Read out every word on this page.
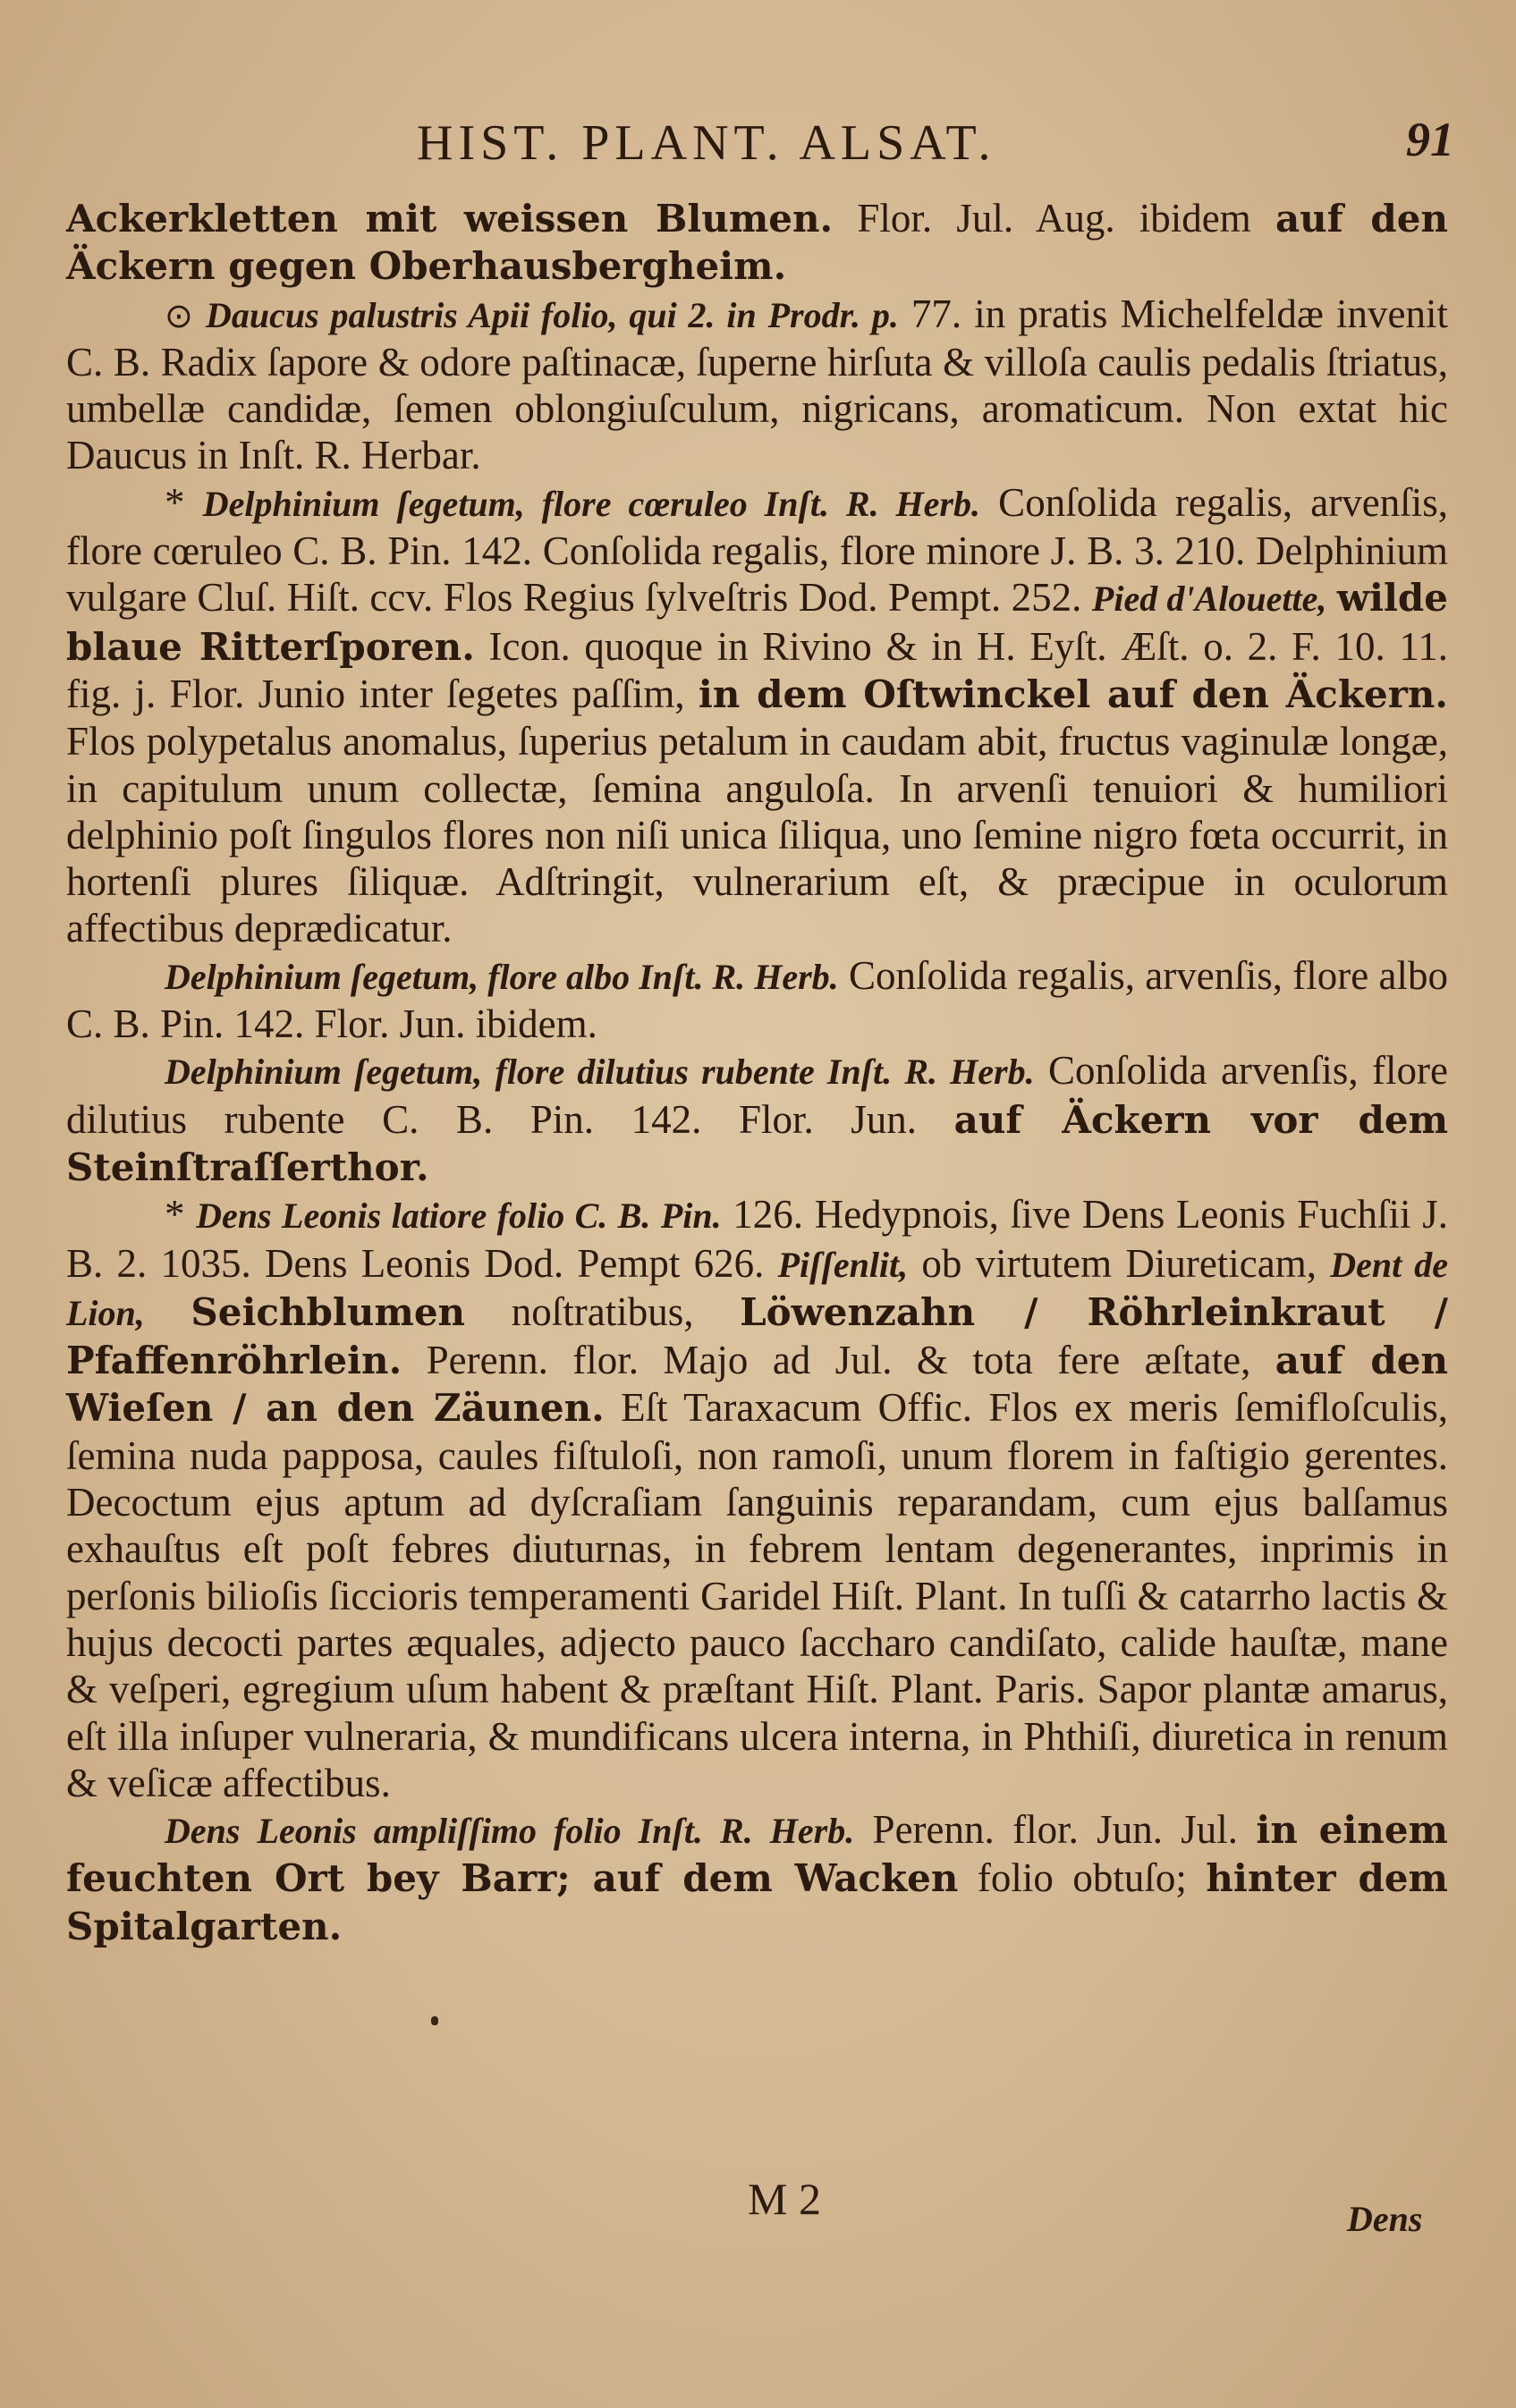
HIST. PLANT. ALSAT.	91

Ackerkletten mit weissen Blumen. Flor. Jul. Aug. ibidem auf den Äckern gegen Oberhausbergheim.

⊙ Daucus palustris Apii folio, qui 2. in Prodr. p. 77. in pratis Michelfeldæ invenit C. B. Radix ſapore & odore paſtinacæ, ſuperne hirſuta & villoſa caulis pedalis ſtriatus, umbellæ candidæ, ſemen oblongiuſculum, nigricans, aromaticum. Non extat hic Daucus in Inſt. R. Herbar.

* Delphinium ſegetum, flore cœruleo Inſt. R. Herb. Conſolida regalis, arvenſis, flore cœruleo C. B. Pin. 142. Conſolida regalis, flore minore J. B. 3. 210. Delphinium vulgare Cluſ. Hiſt. ccv. Flos Regius ſylveſtris Dod. Pempt. 252. Pied d'Alouette, wilde blaue Ritterſporen. Icon. quoque in Rivino & in H. Eyſt. Æſt. o. 2. F. 10. 11. fig. j. Flor. Junio inter ſegetes paſſim, in dem Oſtwinckel auf den Äckern. Flos polypetalus anomalus, ſuperius petalum in caudam abit, fructus vaginulæ longæ, in capitulum unum collectæ, ſemina anguloſa. In arvenſi tenuiori & humiliori delphinio poſt ſingulos flores non niſi unica ſiliqua, uno ſemine nigro fœta occurrit, in hortenſi plures ſiliquæ. Adſtringit, vulnerarium eſt, & præcipue in oculorum affectibus deprædicatur.

Delphinium ſegetum, flore albo Inſt. R. Herb. Conſolida regalis, arvenſis, flore albo C. B. Pin. 142. Flor. Jun. ibidem.

Delphinium ſegetum, flore dilutius rubente Inſt. R. Herb. Conſolida arvenſis, flore dilutius rubente C. B. Pin. 142. Flor. Jun. auf Äckern vor dem Steinſtraſſerthor.

* Dens Leonis latiore folio C. B. Pin. 126. Hedypnois, ſive Dens Leonis Fuchſii J. B. 2. 1035. Dens Leonis Dod. Pempt 626. Piſſenlit, ob virtutem Diureticam, Dent de Lion, Seichblumen noſtratibus, Löwenzahn / Röhrleinkraut / Pfaffenröhrlein. Perenn. flor. Majo ad Jul. & tota fere æſtate, auf den Wieſen / an den Zäunen. Eſt Taraxacum Offic. Flos ex meris ſemifloſculis, ſemina nuda papposa, caules fiſtuloſi, non ramoſi, unum florem in faſtigio gerentes. Decoctum ejus aptum ad dyſcraſiam ſanguinis reparandam, cum ejus balſamus exhauſtus eſt poſt febres diuturnas, in febrem lentam degenerantes, inprimis in perſonis bilioſis ſiccioris temperamenti Garidel Hiſt. Plant. In tuſſi & catarrho lactis & hujus decocti partes æquales, adjecto pauco ſaccharo candiſato, calide hauſtæ, mane & veſperi, egregium uſum habent & præſtant Hiſt. Plant. Paris. Sapor plantæ amarus, eſt illa inſuper vulneraria, & mundificans ulcera interna, in Phthiſi, diuretica in renum & veſicæ affectibus.

Dens Leonis ampliſſimo folio Inſt. R. Herb. Perenn. flor. Jun. Jul. in einem feuchten Ort bey Barr; auf dem Wacken folio obtuſo; hinter dem Spitalgarten.

M 2	Dens
